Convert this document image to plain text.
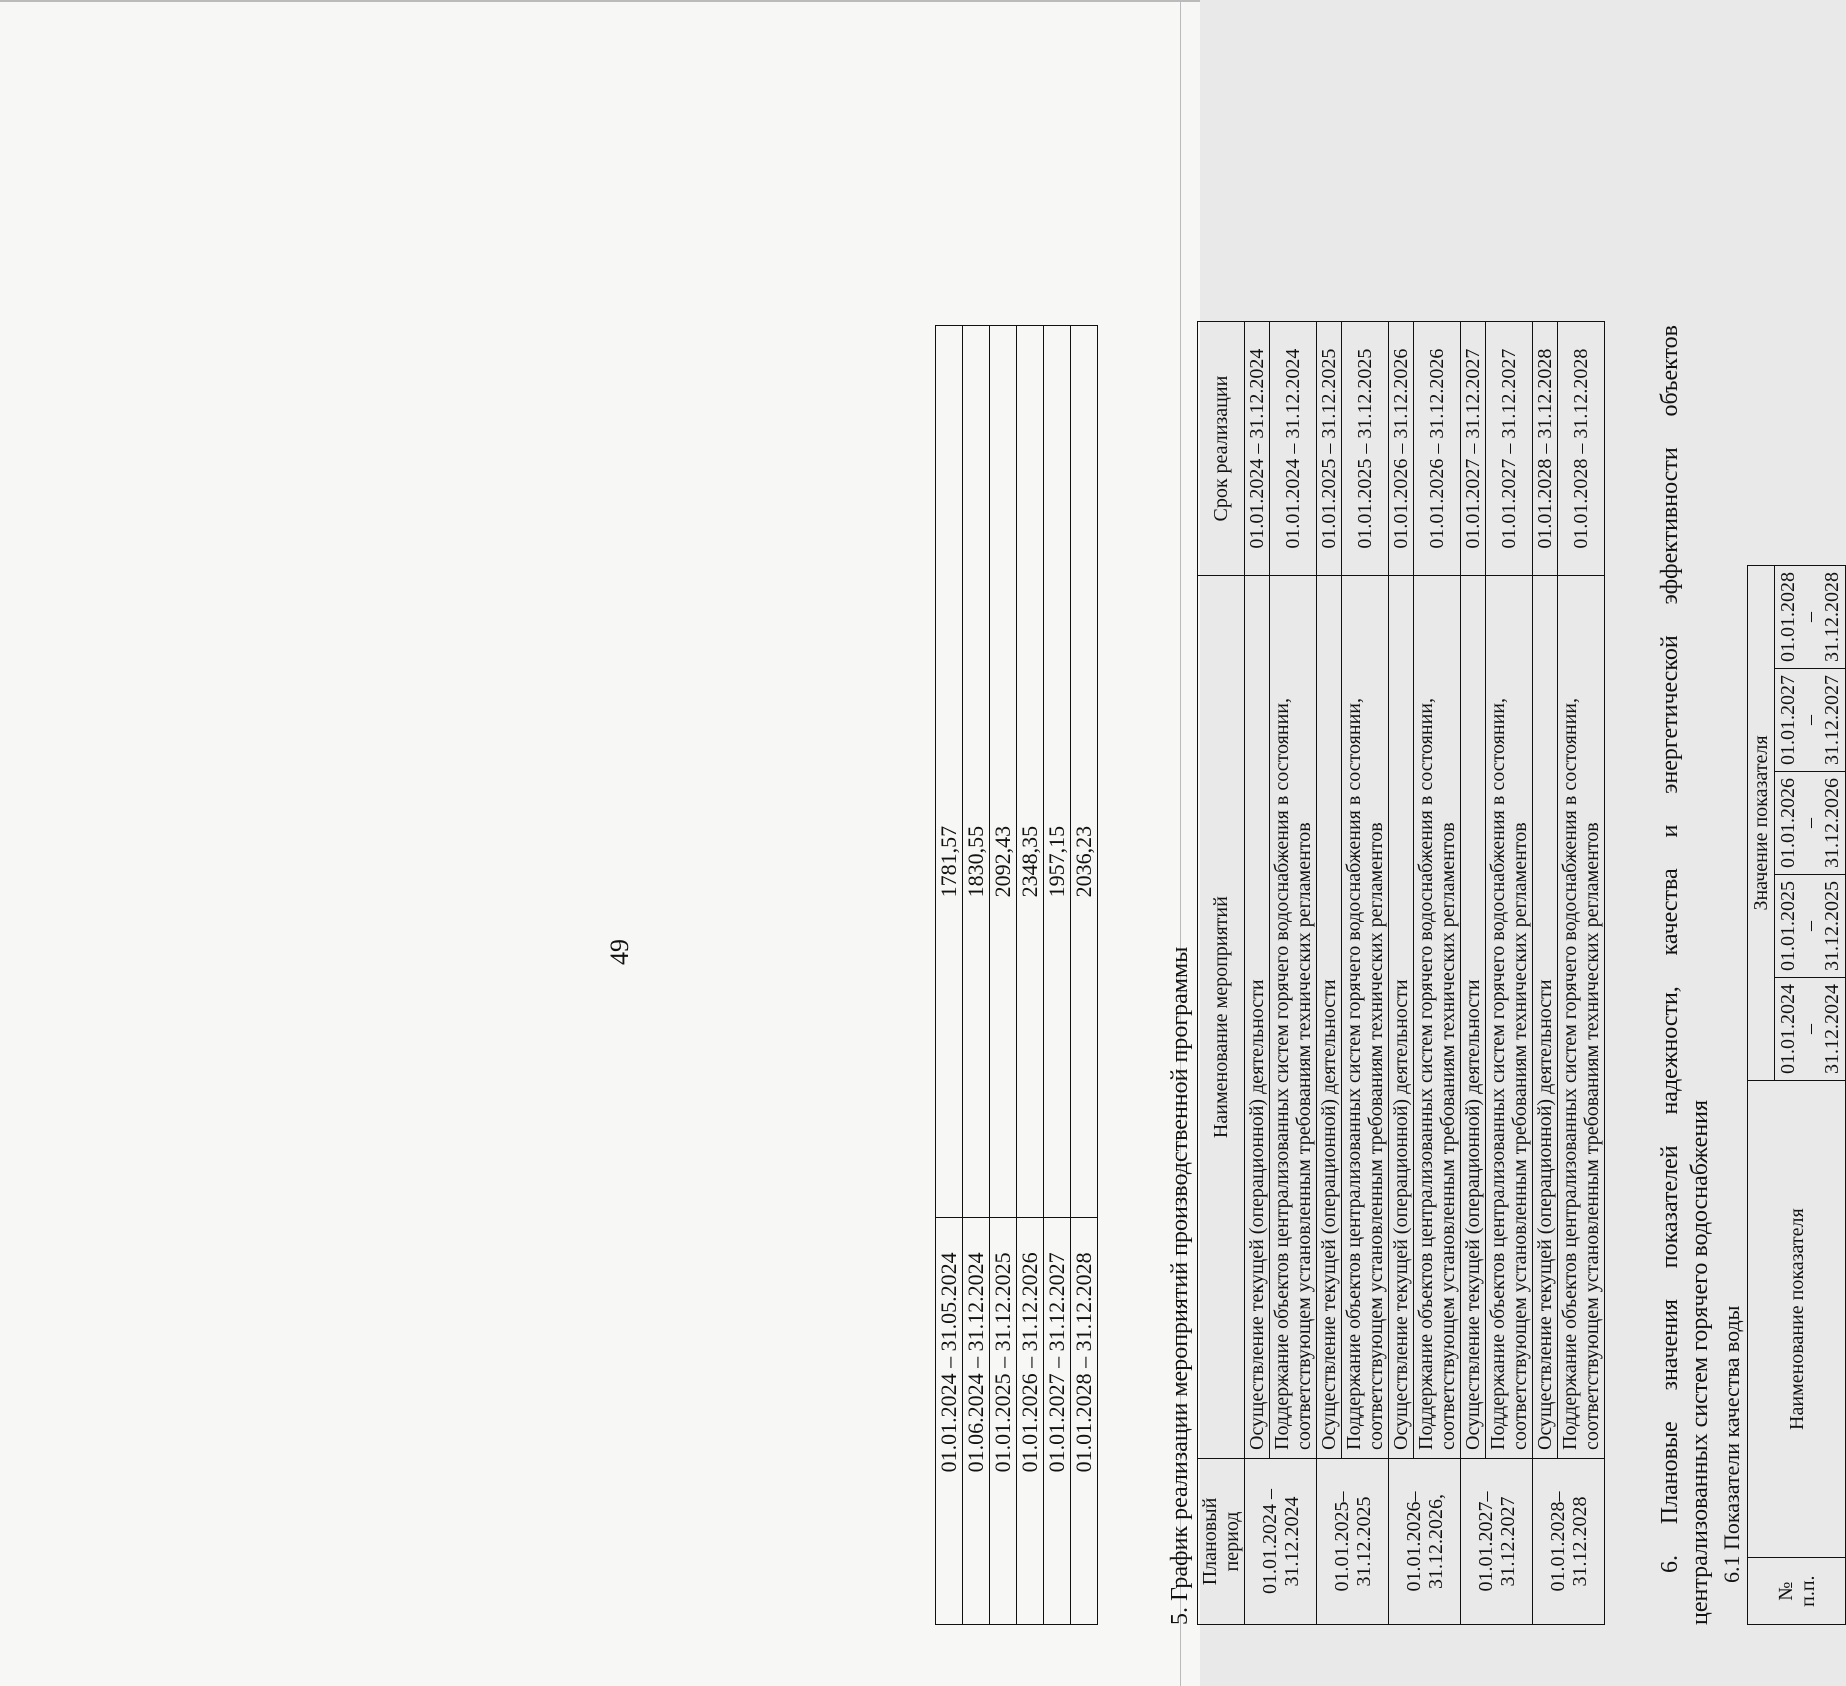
49
01.01.2024 – 31.05.2024	1781,57
01.06.2024 – 31.12.2024	1830,55
01.01.2025 – 31.12.2025	2092,43
01.01.2026 – 31.12.2026	2348,35
01.01.2027 – 31.12.2027	1957,15
01.01.2028 – 31.12.2028	2036,23
5. График реализации мероприятий производственной программы Плановый период	Наименование мероприятий	Срок реализации
01.01.2024 – 31.12.2024	Осуществление текущей (операционной) деятельности	01.01.2024 – 31.12.2024
	Поддержание объектов централизованных систем горячего водоснабжения в состоянии, соответствующем установленным требованиям технических регламентов	01.01.2024 – 31.12.2024
01.01.2025– 31.12.2025	Осуществление текущей (операционной) деятельности	01.01.2025 – 31.12.2025
	Поддержание объектов централизованных систем горячего водоснабжения в состоянии, соответствующем установленным требованиям технических регламентов	01.01.2025 – 31.12.2025
01.01.2026– 31.12.2026,	Осуществление текущей (операционной) деятельности	01.01.2026 – 31.12.2026
	Поддержание объектов централизованных систем горячего водоснабжения в состоянии, соответствующем установленным требованиям технических регламентов	01.01.2026 – 31.12.2026
01.01.2027– 31.12.2027	Осуществление текущей (операционной) деятельности	01.01.2027 – 31.12.2027
	Поддержание объектов централизованных систем горячего водоснабжения в состоянии, соответствующем установленным требованиям технических регламентов	01.01.2027 – 31.12.2027
01.01.2028– 31.12.2028	Осуществление текущей (операционной) деятельности	01.01.2028 – 31.12.2028
	Поддержание объектов централизованных систем горячего водоснабжения в состоянии, соответствующем установленным требованиям технических регламентов	01.01.2028 – 31.12.2028	6. Плановые значения показателей надежности, качества и энергетической эффективности объектов централизованных систем горячего водоснабжения 6.1 Показатели качества воды
№ п.п.	Наименование показателя	Значение показателя				
		01.01.2024 – 31.12.2024	01.01.2025 – 31.12.2025	01.01.2026 – 31.12.2026	01.01.2027 – 31.12.2027	01.01.2028 – 31.12.2028
